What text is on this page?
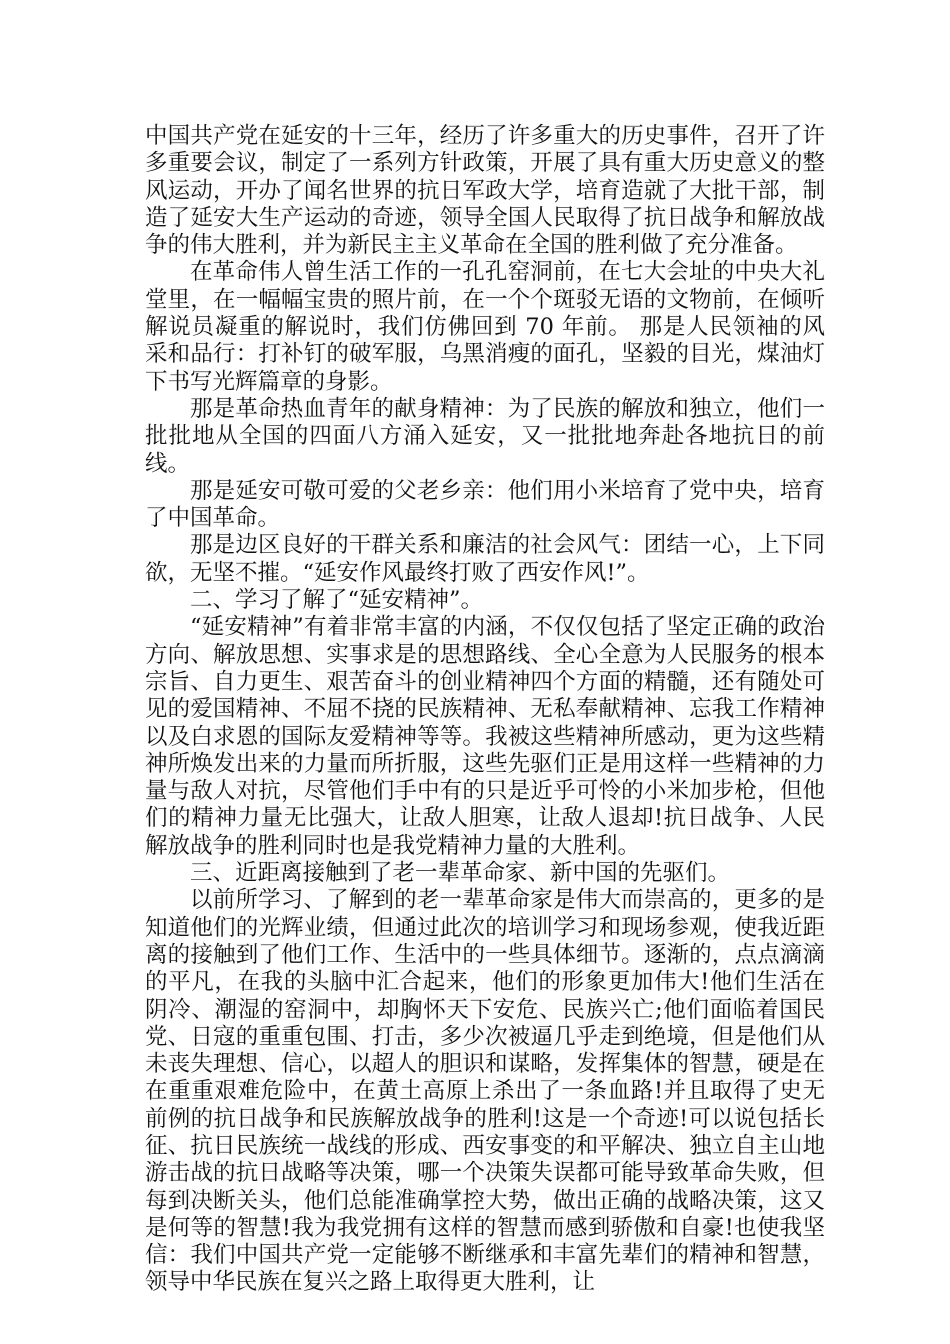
中国共产党在延安的十三年，经历了许多重大的历史事件，召开了许多重要会议，制定了一系列方针政策，开展了具有重大历史意义的整风运动，开办了闻名世界的抗日军政大学，培育造就了大批干部，制造了延安大生产运动的奇迹，领导全国人民取得了抗日战争和解放战争的伟大胜利，并为新民主主义革命在全国的胜利做了充分准备。

在革命伟人曾生活工作的一孔孔窑洞前，在七大会址的中央大礼堂里，在一幅幅宝贵的照片前，在一个个斑驳无语的文物前，在倾听解说员凝重的解说时，我们仿佛回到 70 年前。 那是人民领袖的风采和品行：打补钉的破军服，乌黑消瘦的面孔，坚毅的目光，煤油灯下书写光辉篇章的身影。

那是革命热血青年的献身精神：为了民族的解放和独立，他们一批批地从全国的四面八方涌入延安，又一批批地奔赴各地抗日的前线。

那是延安可敬可爱的父老乡亲：他们用小米培育了党中央，培育了中国革命。

那是边区良好的干群关系和廉洁的社会风气：团结一心，上下同欲，无坚不摧。“延安作风最终打败了西安作风!”。

二、学习了解了“延安精神”。

“延安精神”有着非常丰富的内涵，不仅仅包括了坚定正确的政治方向、解放思想、实事求是的思想路线、全心全意为人民服务的根本宗旨、自力更生、艰苦奋斗的创业精神四个方面的精髓，还有随处可见的爱国精神、不屈不挠的民族精神、无私奉献精神、忘我工作精神以及白求恩的国际友爱精神等等。我被这些精神所感动，更为这些精神所焕发出来的力量而所折服，这些先驱们正是用这样一些精神的力量与敌人对抗，尽管他们手中有的只是近乎可怜的小米加步枪，但他们的精神力量无比强大，让敌人胆寒，让敌人退却!抗日战争、人民解放战争的胜利同时也是我党精神力量的大胜利。

三、近距离接触到了老一辈革命家、新中国的先驱们。

以前所学习、了解到的老一辈革命家是伟大而崇高的，更多的是知道他们的光辉业绩，但通过此次的培训学习和现场参观，使我近距离的接触到了他们工作、生活中的一些具体细节。逐渐的，点点滴滴的平凡，在我的头脑中汇合起来，他们的形象更加伟大!他们生活在阴冷、潮湿的窑洞中，却胸怀天下安危、民族兴亡;他们面临着国民党、日寇的重重包围、打击，多少次被逼几乎走到绝境，但是他们从未丧失理想、信心，以超人的胆识和谋略，发挥集体的智慧，硬是在在重重艰难危险中，在黄土高原上杀出了一条血路!并且取得了史无前例的抗日战争和民族解放战争的胜利!这是一个奇迹!可以说包括长征、抗日民族统一战线的形成、西安事变的和平解决、独立自主山地游击战的抗日战略等决策，哪一个决策失误都可能导致革命失败，但每到决断关头，他们总能准确掌控大势，做出正确的战略决策，这又是何等的智慧!我为我党拥有这样的智慧而感到骄傲和自豪!也使我坚信：我们中国共产党一定能够不断继承和丰富先辈们的精神和智慧，领导中华民族在复兴之路上取得更大胜利，让
